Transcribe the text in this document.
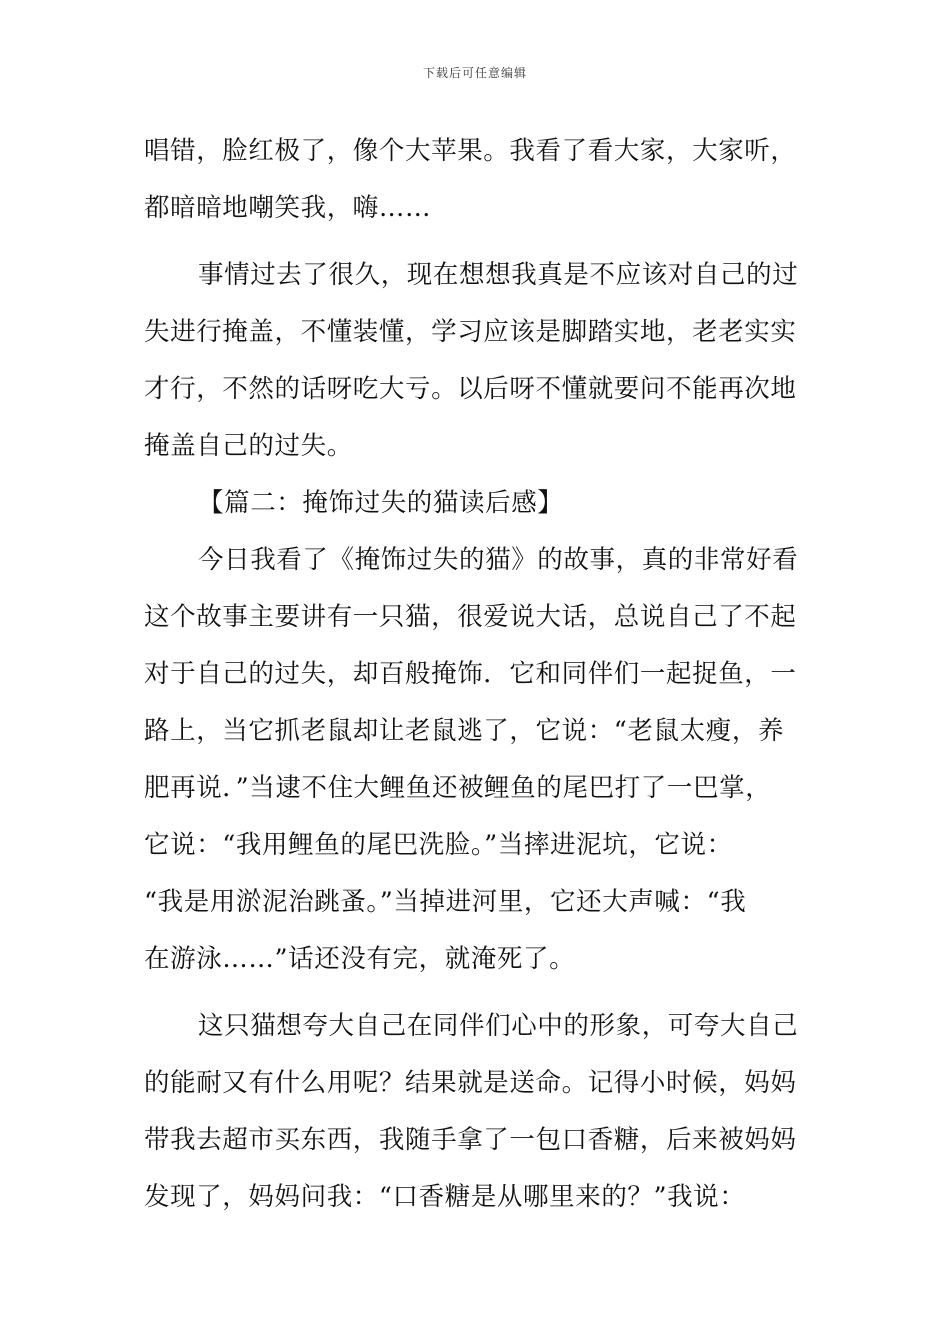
下载后可任意编辑
唱错，脸红极了，像个大苹果。我看了看大家，大家听，
都暗暗地嘲笑我，嗨……
事情过去了很久，现在想想我真是不应该对自己的过
失进行掩盖，不懂装懂，学习应该是脚踏实地，老老实实
才行，不然的话呀吃大亏。以后呀不懂就要问不能再次地
掩盖自己的过失。
【篇二：掩饰过失的猫读后感】
今日我看了《掩饰过失的猫》的故事，真的非常好看
这个故事主要讲有一只猫，很爱说大话，总说自己了不起
对于自己的过失，却百般掩饰．它和同伴们一起捉鱼，一
路上，当它抓老鼠却让老鼠逃了，它说：“老鼠太瘦，养
肥再说．”当逮不住大鲤鱼还被鲤鱼的尾巴打了一巴掌，
它说：“我用鲤鱼的尾巴洗脸。”当摔进泥坑，它说：
“我是用淤泥治跳蚤。”当掉进河里，它还大声喊：“我
在游泳……”话还没有完，就淹死了。
这只猫想夸大自己在同伴们心中的形象，可夸大自己
的能耐又有什么用呢？结果就是送命。记得小时候，妈妈
带我去超市买东西，我随手拿了一包口香糖，后来被妈妈
发现了，妈妈问我：“口香糖是从哪里来的？”我说：
